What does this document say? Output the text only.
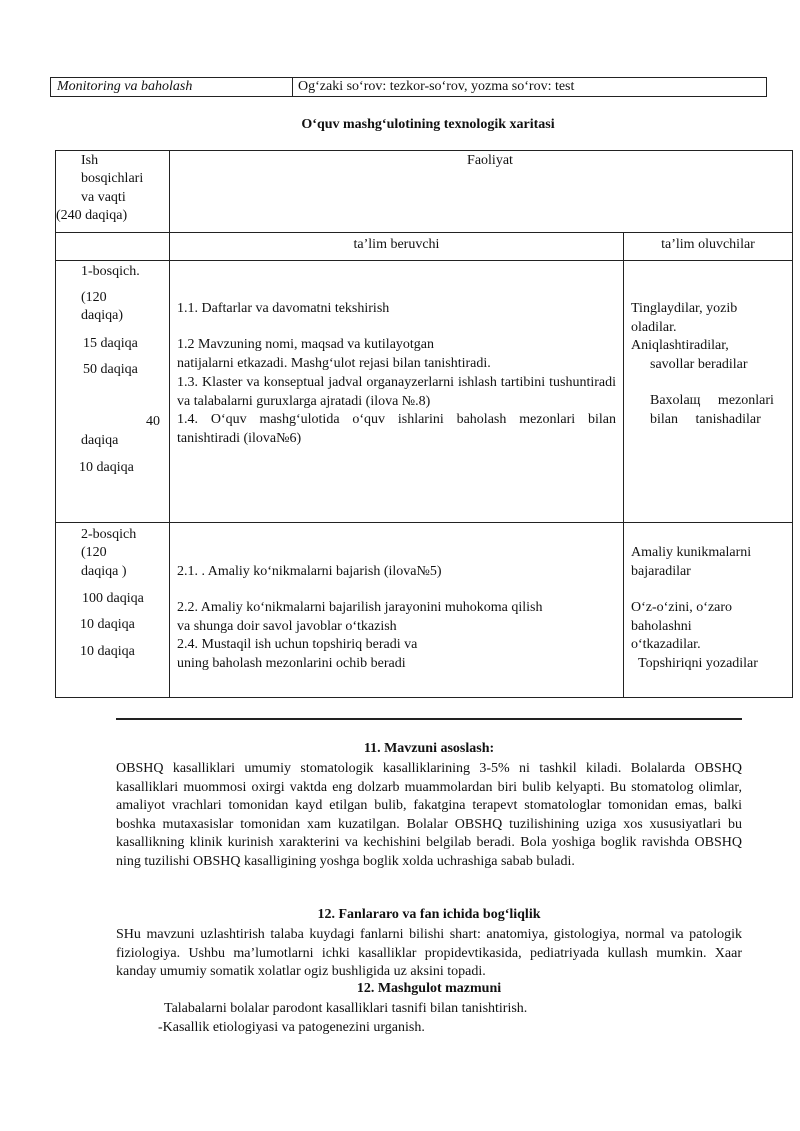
Monitoring va baholash	Og‘zaki so‘rov: tezkor-so‘rov, yozma so‘rov: test
O‘quv mashg‘ulotining texnologik xaritasi
Ish
bosqichlari
va vaqti
(240 daqiqa)
Faoliyat
ta’lim beruvchi	ta’lim oluvchilar
1-bosqich.
(120
daqiqa)
15 daqiqa
50 daqiqa
40
daqiqa
10 daqiqa
1.1. Daftarlar va davomatni tekshirish
1.2 Mavzuning nomi, maqsad va kutilayotgan
natijalarni etkazadi. Mashg‘ulot rejasi bilan tanishtiradi.
1.3. Klaster va konseptual jadval organayzerlarni ishlash tartibini tushuntiradi va talabalarni guruxlarga ajratadi (ilova №.8)
1.4. O‘quv mashg‘ulotida o‘quv ishlarini baholash mezonlari bilan tanishtiradi (ilova№6)
Tinglaydilar, yozib oladilar.
Aniqlashtiradilar,
savollar beradilar
Baxolaщ mezonlari bilan tanishadilar
2-bosqich
(120
daqiqa )
100 daqiqa
10 daqiqa
10 daqiqa
2.1. . Amaliy ko‘nikmalarni bajarish (ilova№5)
2.2. Amaliy ko‘nikmalarni bajarilish jarayonini muhokoma qilish
va shunga doir savol javoblar o‘tkazish
2.4. Mustaqil ish uchun topshiriq beradi va
uning baholash mezonlarini ochib beradi
Amaliy kunikmalarni bajaradilar
O‘z-o‘zini, o‘zaro baholashni o‘tkazadilar.
Topshiriqni yozadilar
11. Mavzuni asoslash:
OBSHQ kasalliklari umumiy stomatologik kasalliklarining 3-5% ni tashkil kiladi. Bolalarda OBSHQ kasalliklari muommosi oxirgi vaktda eng dolzarb muammolardan biri bulib kelyapti. Bu stomatolog olimlar, amaliyot vrachlari tomonidan kayd etilgan bulib, fakatgina terapevt stomatologlar tomonidan emas, balki boshka mutaxasislar tomonidan xam kuzatilgan. Bolalar OBSHQ tuzilishining uziga xos xususiyatlari bu kasallikning klinik kurinish xarakterini va kechishini belgilab beradi. Bola yoshiga boglik ravishda OBSHQ ning tuzilishi OBSHQ kasalligining yoshga boglik xolda uchrashiga sabab buladi.
12. Fanlararo va fan ichida bog‘liqlik
SHu mavzuni uzlashtirish talaba kuydagi fanlarni bilishi shart: anatomiya, gistologiya, normal va patologik fiziologiya. Ushbu ma’lumotlarni ichki kasalliklar propidevtikasida, pediatriyada kullash mumkin. Xaar kanday umumiy somatik xolatlar ogiz bushligida uz aksini topadi.
12. Mashgulot mazmuni
Talabalarni bolalar parodont kasalliklari tasnifi bilan tanishtirish.
-Kasallik etiologiyasi va patogenezini urganish.
